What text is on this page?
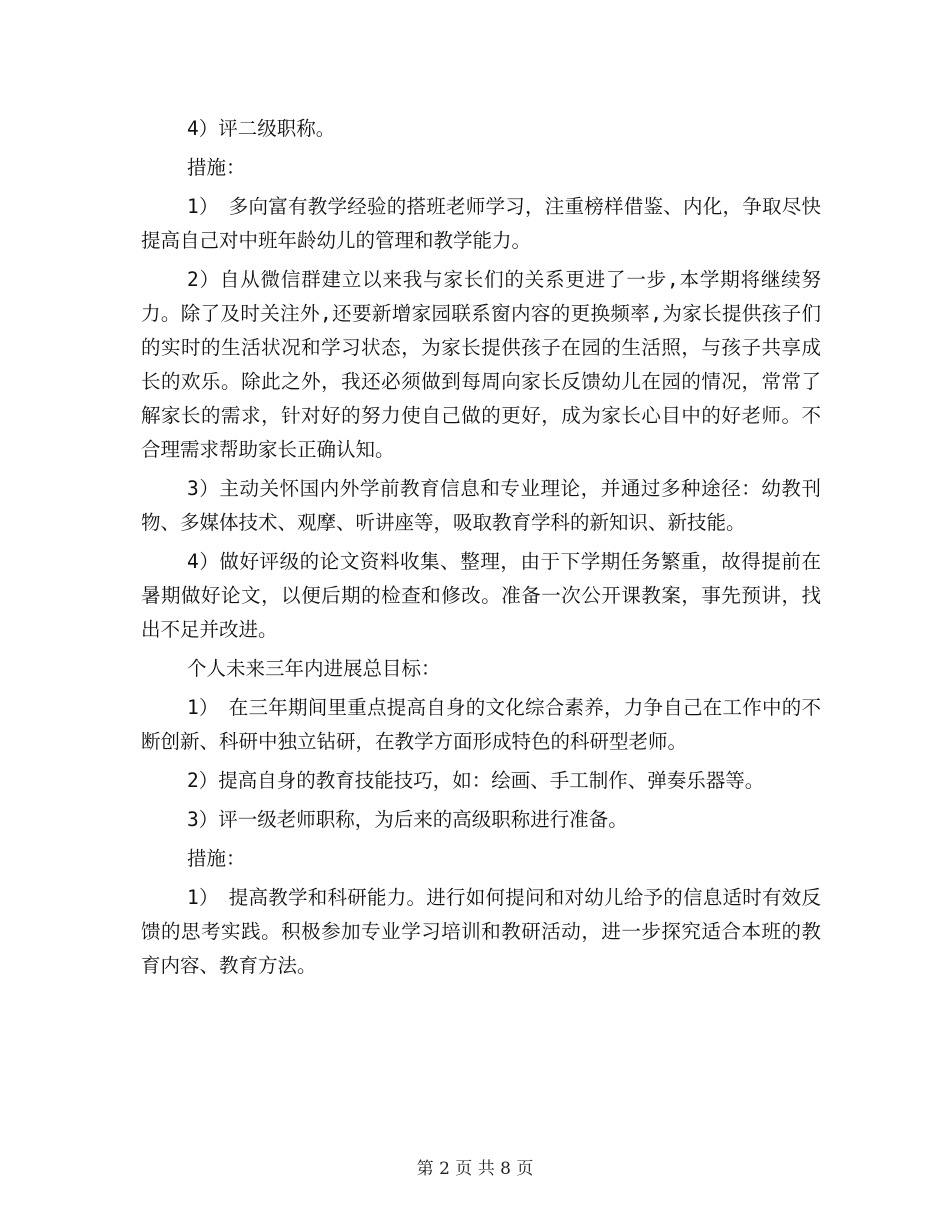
4）评二级职称。

措施：

1）　多向富有教学经验的搭班老师学习，注重榜样借鉴、内化，争取尽快提高自己对中班年龄幼儿的管理和教学能力。

2）自从微信群建立以来我与家长们的关系更进了一步,本学期将继续努力。除了及时关注外,还要新增家园联系窗内容的更换频率,为家长提供孩子们的实时的生活状况和学习状态，为家长提供孩子在园的生活照，与孩子共享成长的欢乐。除此之外，我还必须做到每周向家长反馈幼儿在园的情况，常常了解家长的需求，针对好的努力使自己做的更好，成为家长心目中的好老师。不合理需求帮助家长正确认知。

3）主动关怀国内外学前教育信息和专业理论，并通过多种途径：幼教刊物、多媒体技术、观摩、听讲座等，吸取教育学科的新知识、新技能。

4）做好评级的论文资料收集、整理，由于下学期任务繁重，故得提前在暑期做好论文，以便后期的检查和修改。准备一次公开课教案，事先预讲，找出不足并改进。

个人未来三年内进展总目标：

1）　在三年期间里重点提高自身的文化综合素养，力争自己在工作中的不断创新、科研中独立钻研，在教学方面形成特色的科研型老师。

2）提高自身的教育技能技巧，如：绘画、手工制作、弹奏乐器等。

3）评一级老师职称，为后来的高级职称进行准备。

措施：

1）　提高教学和科研能力。进行如何提问和对幼儿给予的信息适时有效反馈的思考实践。积极参加专业学习培训和教研活动，进一步探究适合本班的教育内容、教育方法。

第 2 页 共 8 页
